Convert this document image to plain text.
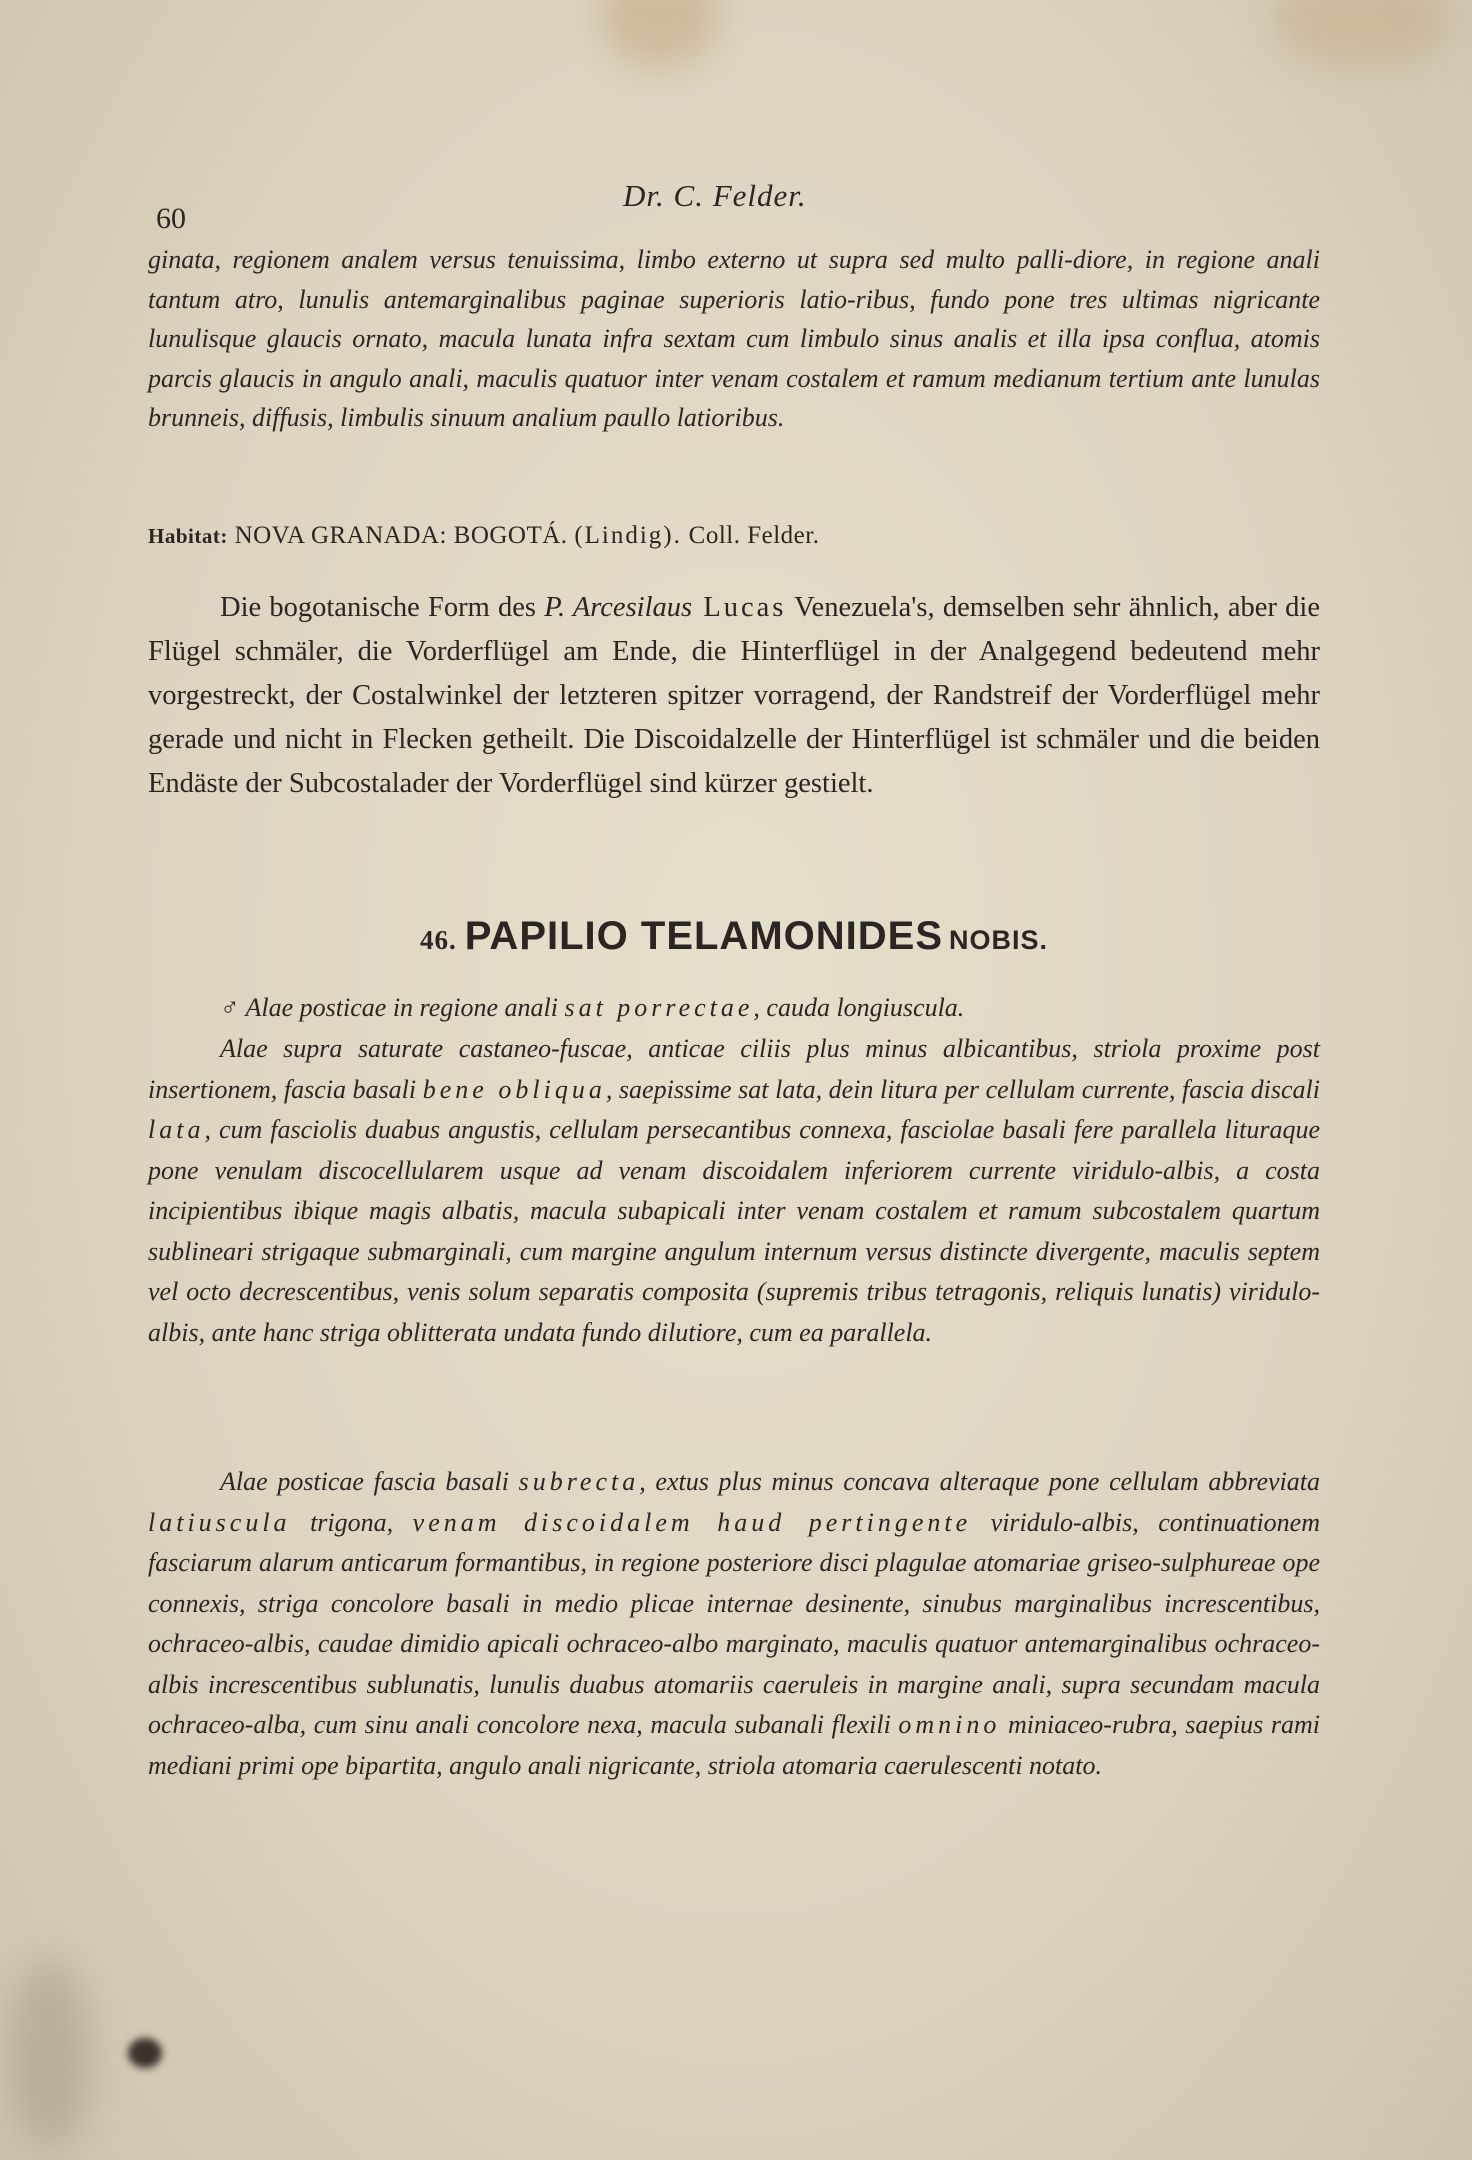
60
Dr. C. Felder.

ginata, regionem analem versus tenuissima, limbo externo ut supra sed multo palli-diore, in regione anali tantum atro, lunulis antemarginalibus paginae superioris latio-ribus, fundo pone tres ultimas nigricante lunulisque glaucis ornato, macula lunata infra sextam cum limbulo sinus analis et illa ipsa conflua, atomis parcis glaucis in angulo anali, maculis quatuor inter venam costalem et ramum medianum tertium ante lunulas brunneis, diffusis, limbulis sinuum analium paullo latioribus.

Habitat: NOVA GRANADA: BOGOTÁ. (Lindig). Coll. Felder.

Die bogotanische Form des P. Arcesilaus Lucas Venezuela's, demselben sehr ähnlich, aber die Flügel schmäler, die Vorderflügel am Ende, die Hinterflügel in der Analgegend bedeutend mehr vorgestreckt, der Costalwinkel der letzteren spitzer vorragend, der Randstreif der Vorderflügel mehr gerade und nicht in Flecken getheilt. Die Discoidalzelle der Hinterflügel ist schmäler und die beiden Endäste der Subcostalader der Vorderflügel sind kürzer gestielt.

46. PAPILIO TELAMONIDES NOBIS.

♂ Alae posticae in regione anali sat porrectae, cauda longiuscula.

Alae supra saturate castaneo-fuscae, anticae ciliis plus minus albicantibus, striola proxime post insertionem, fascia basali bene obliqua, saepissime sat lata, dein litura per cellulam currente, fascia discali lata, cum fasciolis duabus angustis, cellulam persecantibus connexa, fasciolae basali fere parallela lituraque pone venulam discocellularem usque ad venam discoidalem inferiorem currente viridulo-albis, a costa incipientibus ibique magis albatis, macula subapicali inter venam costalem et ramum subcostalem quartum sublineari strigaque submarginali, cum margine angulum internum versus distincte divergente, maculis septem vel octo decrescentibus, venis solum separatis composita (supremis tribus tetragonis, reliquis lunatis) viridulo-albis, ante hanc striga oblitterata undata fundo dilutiore, cum ea parallela.

Alae posticae fascia basali subrecta, extus plus minus concava alteraque pone cellulam abbreviata latiuscula trigona, venam discoidalem haud pertingente viridulo-albis, continuationem fasciarum alarum anticarum formantibus, in regione posteriore disci plagulae atomariae griseo-sulphureae ope connexis, striga concolore basali in medio plicae internae desinente, sinubus marginalibus increscentibus, ochraceo-albis, caudae dimidio apicali ochraceo-albo marginato, maculis quatuor antemarginalibus ochraceo-albis increscentibus sublunatis, lunulis duabus atomariis caeruleis in margine anali, supra secundam macula ochraceo-alba, cum sinu anali concolore nexa, macula subanali flexili omnino miniaceo-rubra, saepius rami mediani primi ope bipartita, angulo anali nigricante, striola atomaria caerulescenti notato.
